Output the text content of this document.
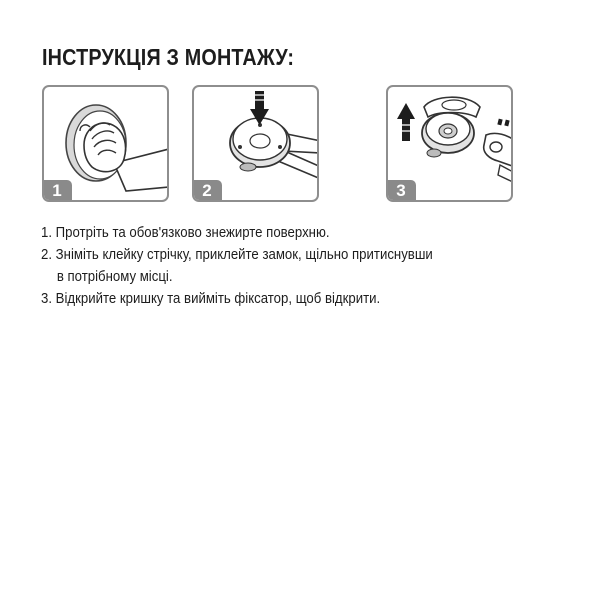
ІНСТРУКЦІЯ З МОНТАЖУ:
1	2	3

1. Протріть та обов'язково знежирте поверхню.

2. Зніміть клейку стрічку, приклейте замок, щільно притиснувши
в потрібному місці.

3. Відкрийте кришку та вийміть фіксатор, щоб відкрити.
